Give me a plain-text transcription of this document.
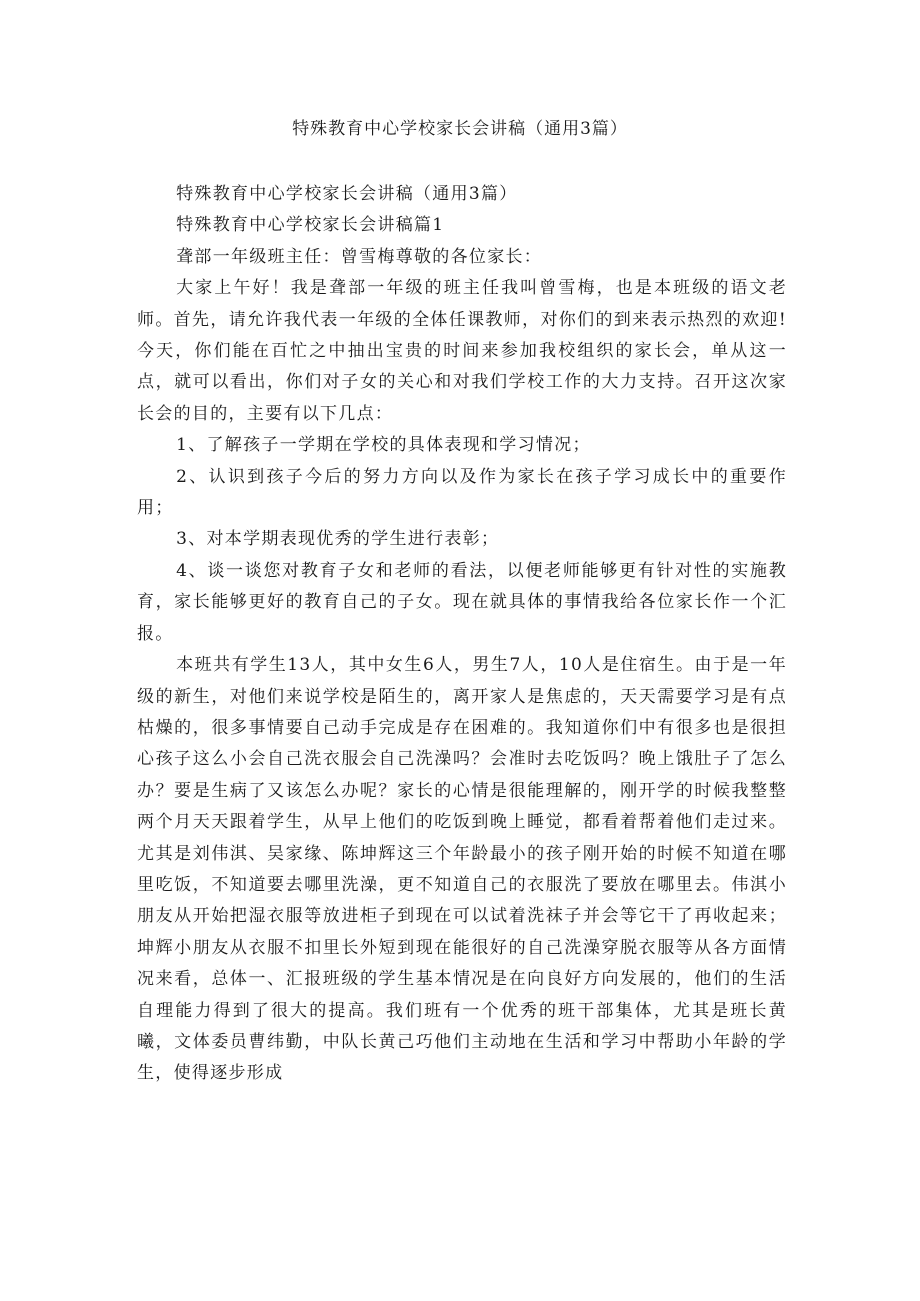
特殊教育中心学校家长会讲稿（通用3篇）

特殊教育中心学校家长会讲稿（通用3篇）

特殊教育中心学校家长会讲稿篇1

聋部一年级班主任：曾雪梅尊敬的各位家长：

大家上午好！我是聋部一年级的班主任我叫曾雪梅，也是本班级的语文老师。首先，请允许我代表一年级的全体任课教师，对你们的到来表示热烈的欢迎!今天，你们能在百忙之中抽出宝贵的时间来参加我校组织的家长会，单从这一点，就可以看出，你们对子女的关心和对我们学校工作的大力支持。召开这次家长会的目的，主要有以下几点：

1、了解孩子一学期在学校的具体表现和学习情况；

2、认识到孩子今后的努力方向以及作为家长在孩子学习成长中的重要作用；

3、对本学期表现优秀的学生进行表彰；

4、谈一谈您对教育子女和老师的看法，以便老师能够更有针对性的实施教育，家长能够更好的教育自己的子女。现在就具体的事情我给各位家长作一个汇报。

本班共有学生13人，其中女生6人，男生7人，10人是住宿生。由于是一年级的新生，对他们来说学校是陌生的，离开家人是焦虑的，天天需要学习是有点枯燥的，很多事情要自己动手完成是存在困难的。我知道你们中有很多也是很担心孩子这么小会自己洗衣服会自己洗澡吗？会准时去吃饭吗？晚上饿肚子了怎么办？要是生病了又该怎么办呢？家长的心情是很能理解的，刚开学的时候我整整两个月天天跟着学生，从早上他们的吃饭到晚上睡觉，都看着帮着他们走过来。尤其是刘伟淇、吴家缘、陈坤辉这三个年龄最小的孩子刚开始的时候不知道在哪里吃饭，不知道要去哪里洗澡，更不知道自己的衣服洗了要放在哪里去。伟淇小朋友从开始把湿衣服等放进柜子到现在可以试着洗袜子并会等它干了再收起来；坤辉小朋友从衣服不扣里长外短到现在能很好的自己洗澡穿脱衣服等从各方面情况来看，总体一、汇报班级的学生基本情况是在向良好方向发展的，他们的生活自理能力得到了很大的提高。我们班有一个优秀的班干部集体，尤其是班长黄曦，文体委员曹纬勤，中队长黄己巧他们主动地在生活和学习中帮助小年龄的学生，使得逐步形成
